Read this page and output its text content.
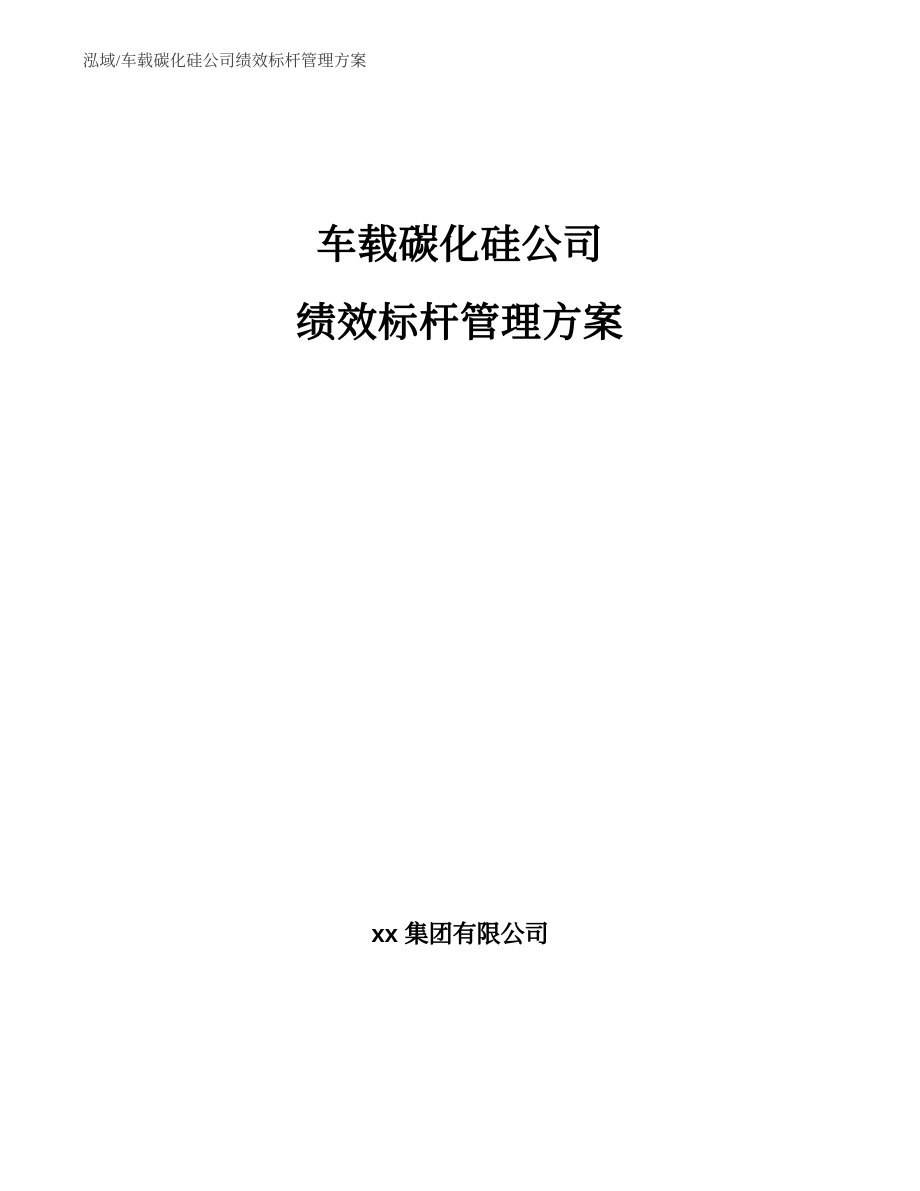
泓域/车载碳化硅公司绩效标杆管理方案
车载碳化硅公司
绩效标杆管理方案
xx 集团有限公司
